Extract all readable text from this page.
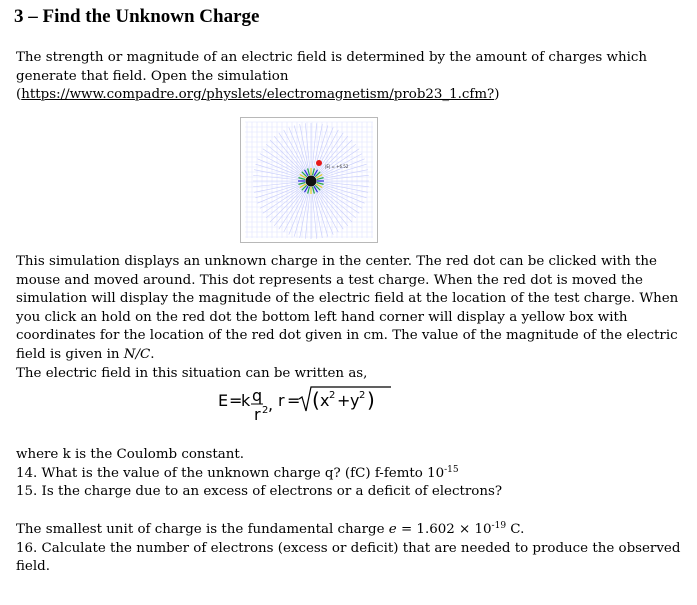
3 – Find the Unknown Charge

The strength or magnitude of an electric field is determined by the amount of charges which generate that field. Open the simulation
(https://www.compadre.org/physlets/electromagnetism/prob23_1.cfm?)

|E| = +6.52

This simulation displays an unknown charge in the center. The red dot can be clicked with the mouse and moved around. This dot represents a test charge. When the red dot is moved the simulation will display the magnitude of the electric field at the location of the test charge. When you click an hold on the red dot the bottom left hand corner will display a yellow box with coordinates for the location of the red dot given in cm. The value of the magnitude of the electric field is given in N/C.
The electric field in this situation can be written as,

E =
k q
r 2 , r = ( x 2 + y 2 )

where k is the Coulomb constant.
14. What is the value of the unknown charge q? (fC) f-femto $10^{-15}$
15. Is the charge due to an excess of electrons or a deficit of electrons?

The smallest unit of charge is the fundamental charge $e = 1.602 \times 10^{-19}$ C.
16. Calculate the number of electrons (excess or deficit) that are needed to produce the observed field.
